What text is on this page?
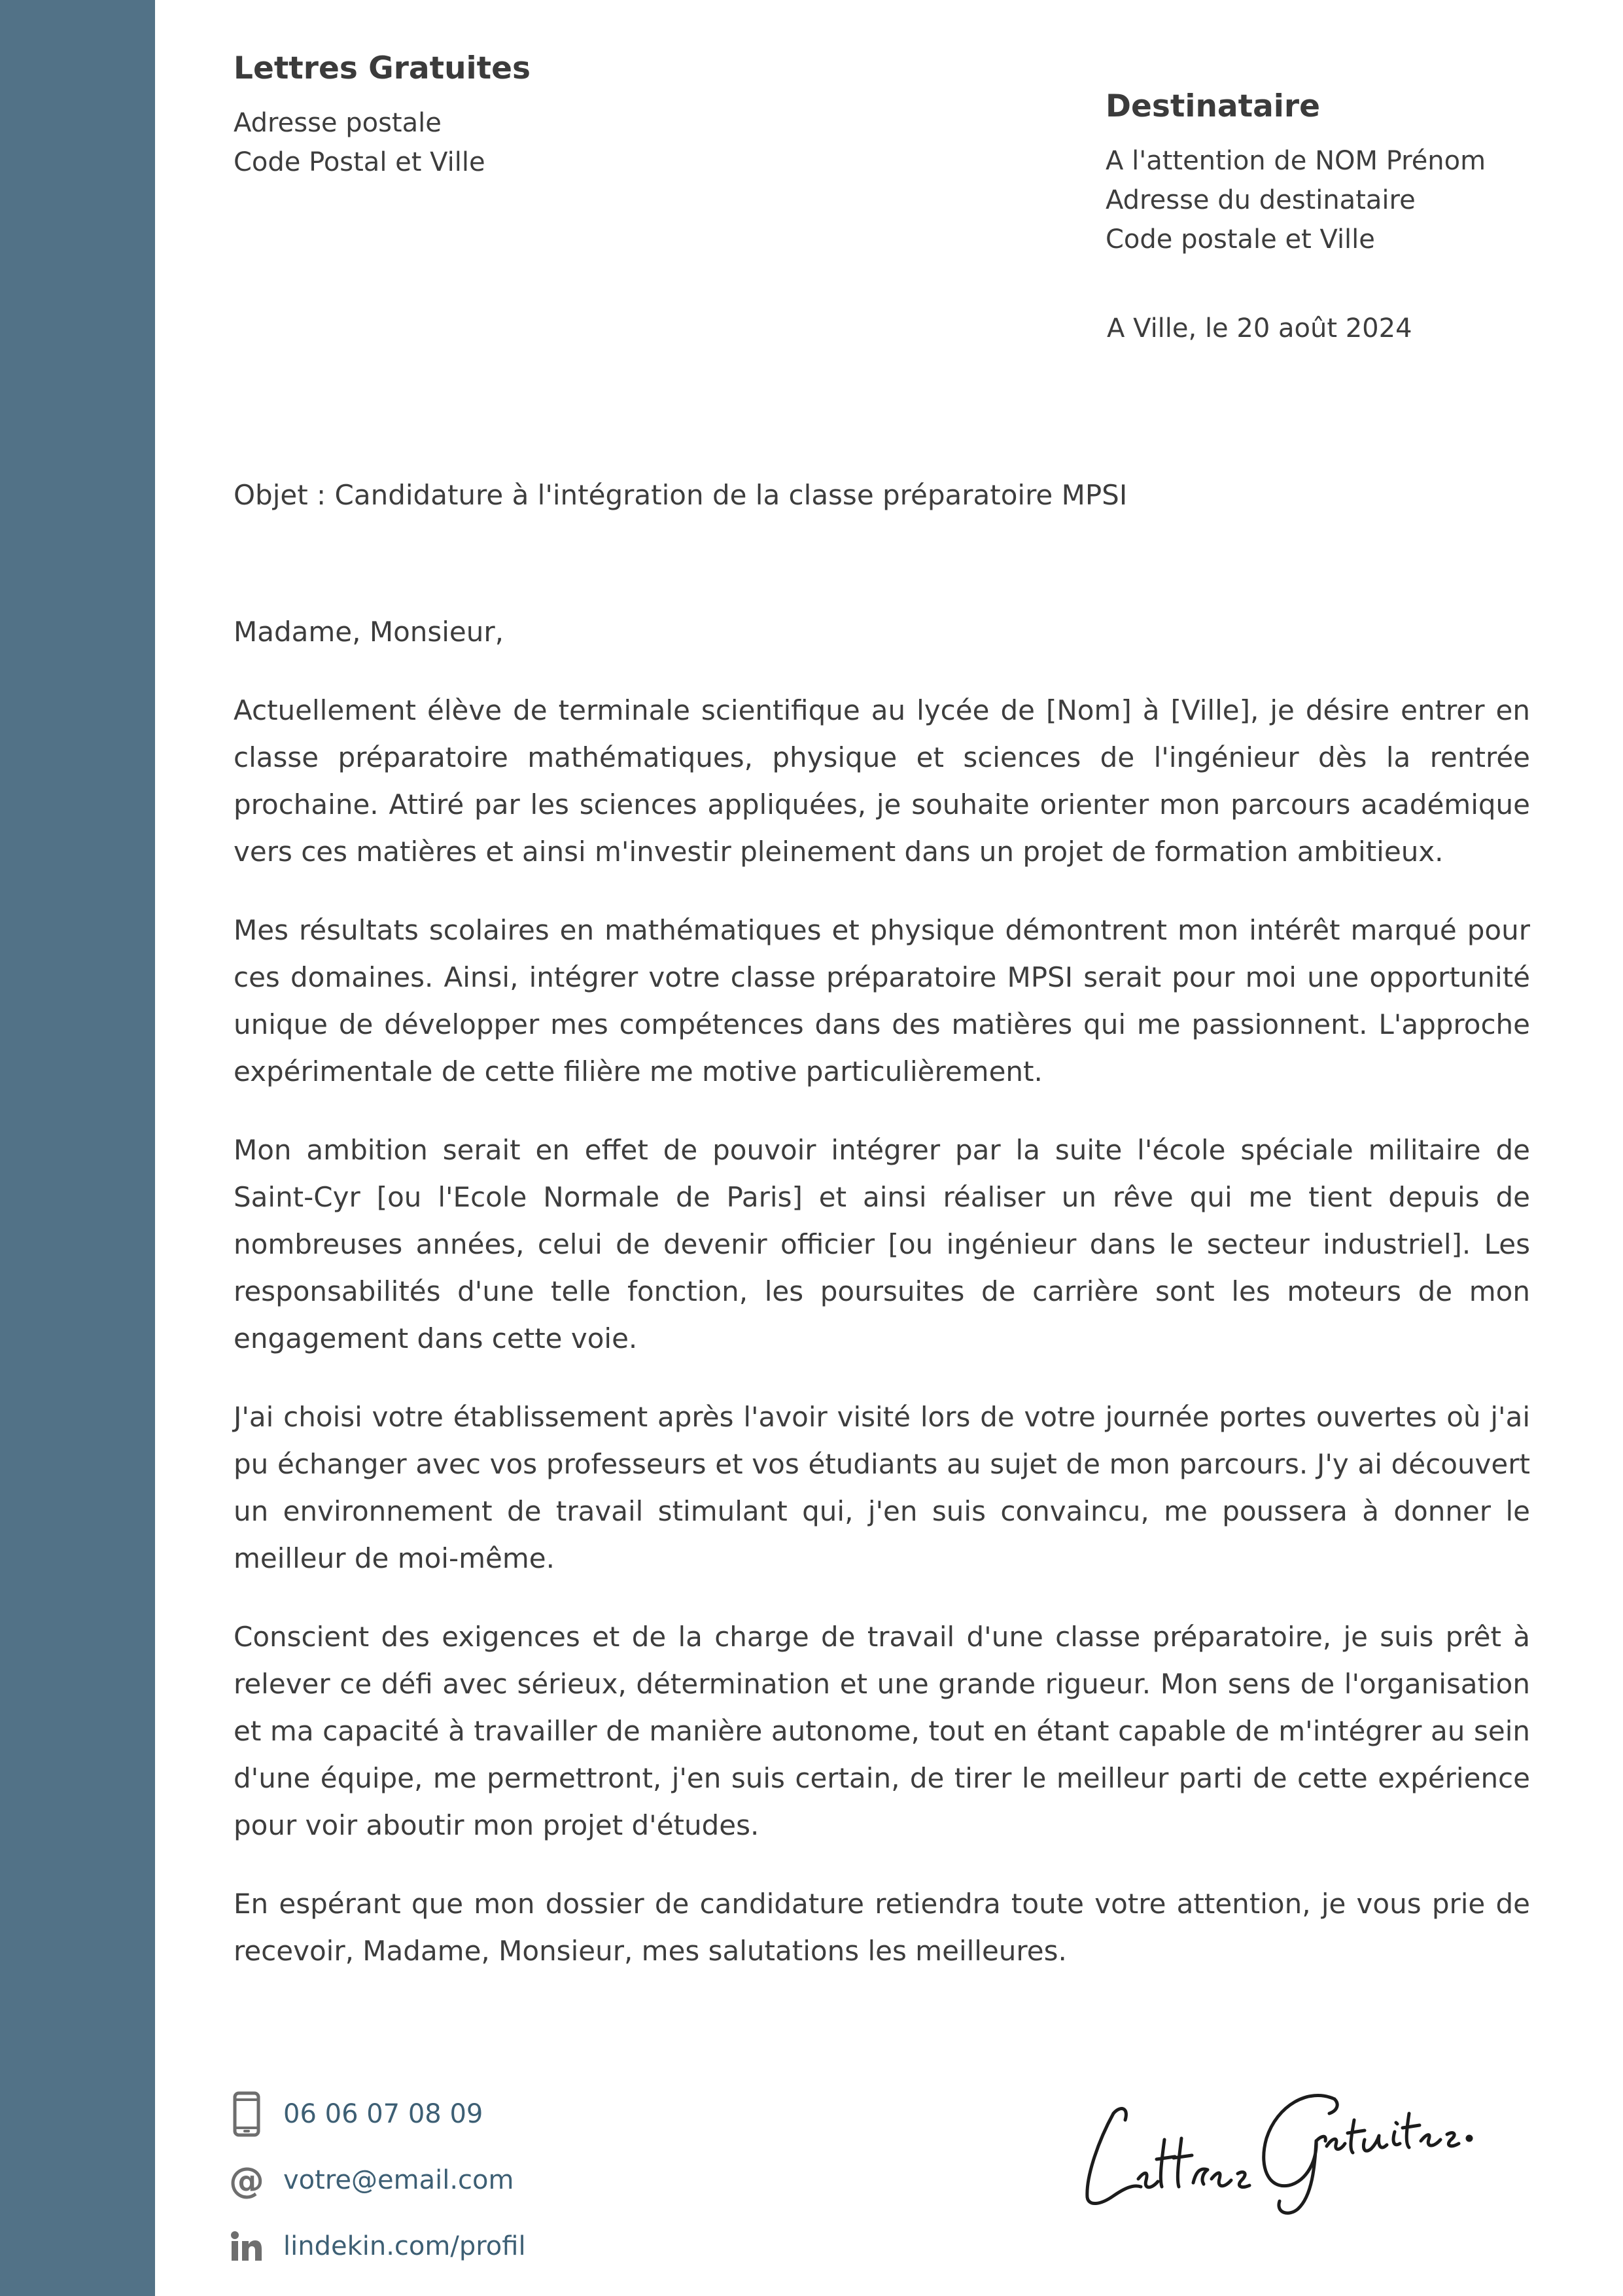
Lettres Gratuites
Adresse postale
Code Postal et Ville
Destinataire
A l'attention de NOM Prénom
Adresse du destinataire
Code postale et Ville
A Ville, le 20 août 2024
Objet : Candidature à l'intégration de la classe préparatoire MPSI
Madame, Monsieur,

Actuellement élève de terminale scientifique au lycée de [Nom] à [Ville], je désire entrer en classe préparatoire mathématiques, physique et sciences de l'ingénieur dès la rentrée prochaine. Attiré par les sciences appliquées, je souhaite orienter mon parcours académique vers ces matières et ainsi m'investir pleinement dans un projet de formation ambitieux.

Mes résultats scolaires en mathématiques et physique démontrent mon intérêt marqué pour ces domaines. Ainsi, intégrer votre classe préparatoire MPSI serait pour moi une opportunité unique de développer mes compétences dans des matières qui me passionnent. L'approche expérimentale de cette filière me motive particulièrement.

Mon ambition serait en effet de pouvoir intégrer par la suite l'école spéciale militaire de Saint-Cyr [ou l'Ecole Normale de Paris] et ainsi réaliser un rêve qui me tient depuis de nombreuses années, celui de devenir officier [ou ingénieur dans le secteur industriel]. Les responsabilités d'une telle fonction, les poursuites de carrière sont les moteurs de mon engagement dans cette voie.

J'ai choisi votre établissement après l'avoir visité lors de votre journée portes ouvertes où j'ai pu échanger avec vos professeurs et vos étudiants au sujet de mon parcours. J'y ai découvert un environnement de travail stimulant qui, j'en suis convaincu, me poussera à donner le meilleur de moi-même.

Conscient des exigences et de la charge de travail d'une classe préparatoire, je suis prêt à relever ce défi avec sérieux, détermination et une grande rigueur. Mon sens de l'organisation et ma capacité à travailler de manière autonome, tout en étant capable de m'intégrer au sein d'une équipe, me permettront, j'en suis certain, de tirer le meilleur parti de cette expérience pour voir aboutir mon projet d'études.

En espérant que mon dossier de candidature retiendra toute votre attention, je vous prie de recevoir, Madame, Monsieur, mes salutations les meilleures.

06 06 07 08 09
@ votre@email.com
lindekin.com/profil
